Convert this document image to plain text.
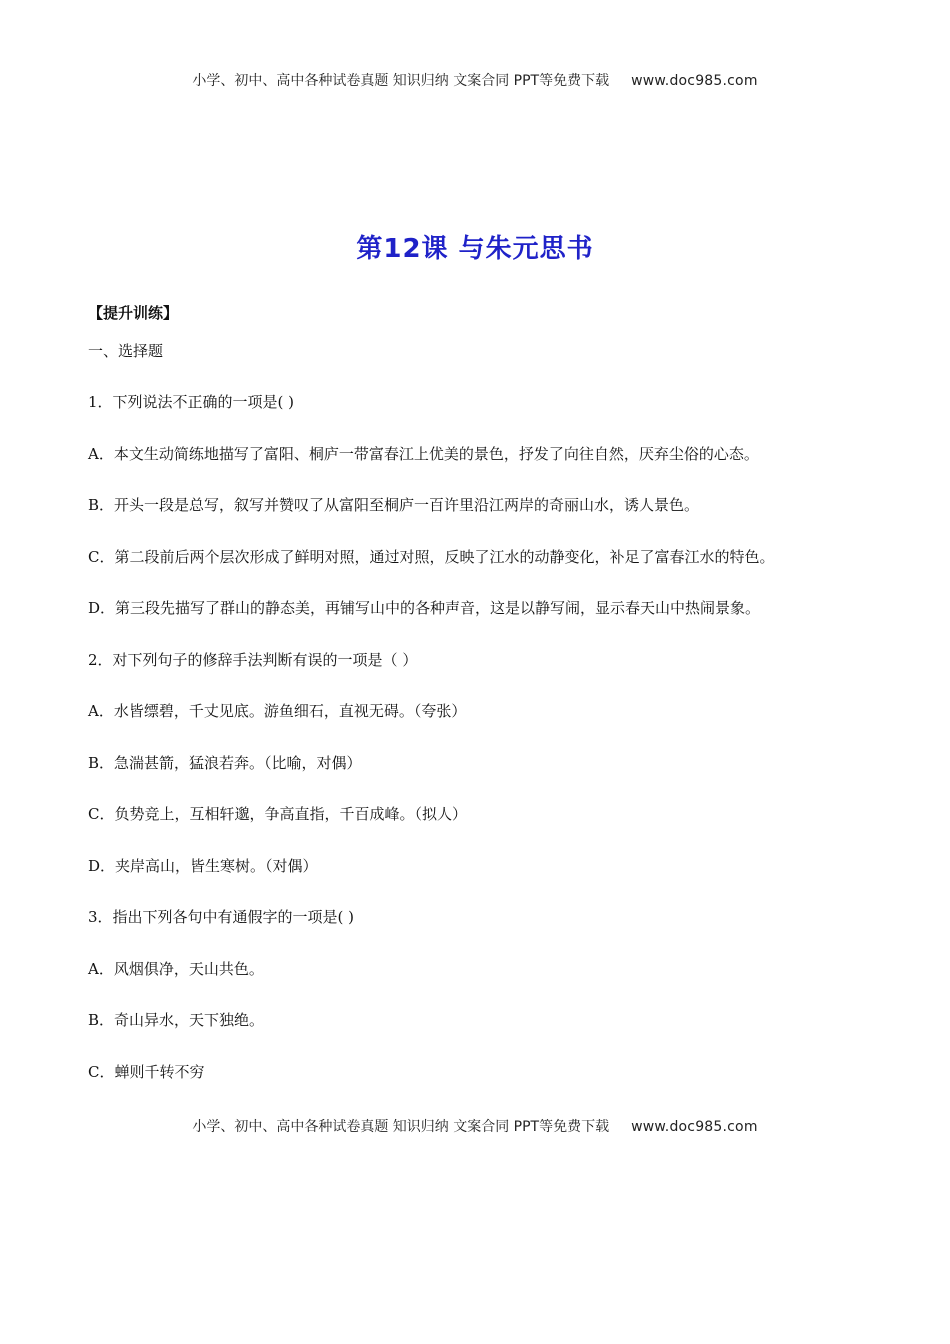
小学、初中、高中各种试卷真题 知识归纳 文案合同 PPT等免费下载 www.doc985.com
第12课 与朱元思书
【提升训练】
一、选择题
1．下列说法不正确的一项是( )
A．本文生动简练地描写了富阳、桐庐一带富春江上优美的景色，抒发了向往自然，厌弃尘俗的心态。
B．开头一段是总写，叙写并赞叹了从富阳至桐庐一百许里沿江两岸的奇丽山水，诱人景色。
C．第二段前后两个层次形成了鲜明对照，通过对照，反映了江水的动静变化，补足了富春江水的特色。
D．第三段先描写了群山的静态美，再铺写山中的各种声音，这是以静写闹，显示春天山中热闹景象。
2．对下列句子的修辞手法判断有误的一项是（ ）
A．水皆缥碧，千丈见底。游鱼细石，直视无碍。（夸张）
B．急湍甚箭，猛浪若奔。（比喻，对偶）
C．负势竞上，互相轩邈，争高直指，千百成峰。（拟人）
D．夹岸高山，皆生寒树。（对偶）
3．指出下列各句中有通假字的一项是( )
A．风烟俱净，天山共色。
B．奇山异水，天下独绝。
C．蝉则千转不穷
小学、初中、高中各种试卷真题 知识归纳 文案合同 PPT等免费下载 www.doc985.com
